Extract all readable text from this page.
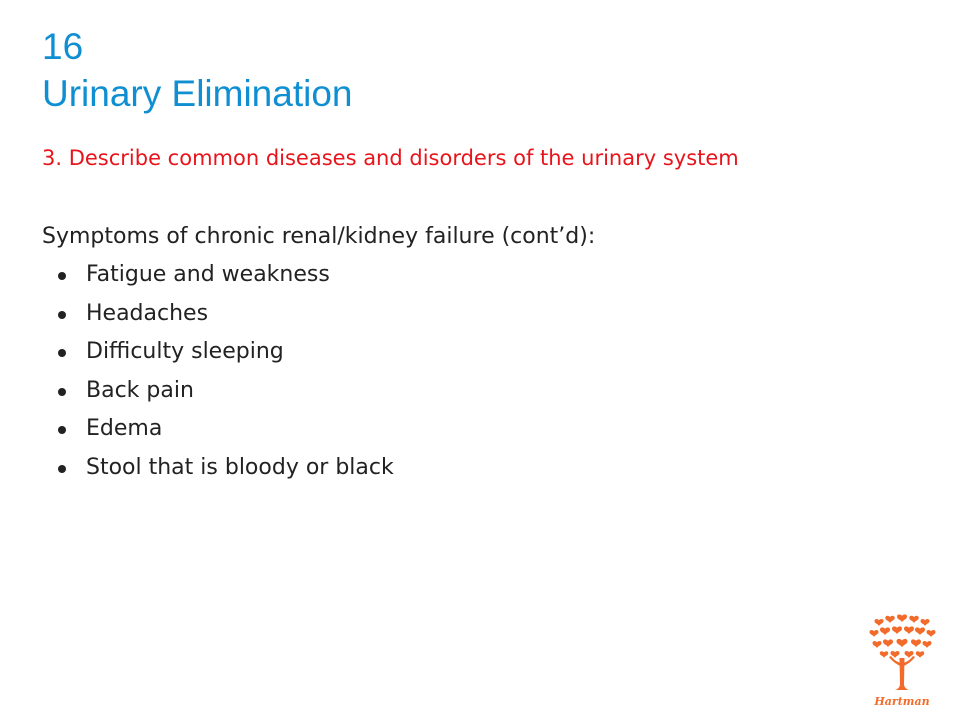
16
Urinary Elimination
3. Describe common diseases and disorders of the urinary system
Symptoms of chronic renal/kidney failure (cont’d):
Fatigue and weakness
Headaches
Difficulty sleeping
Back pain
Edema
Stool that is bloody or black
Hartman
